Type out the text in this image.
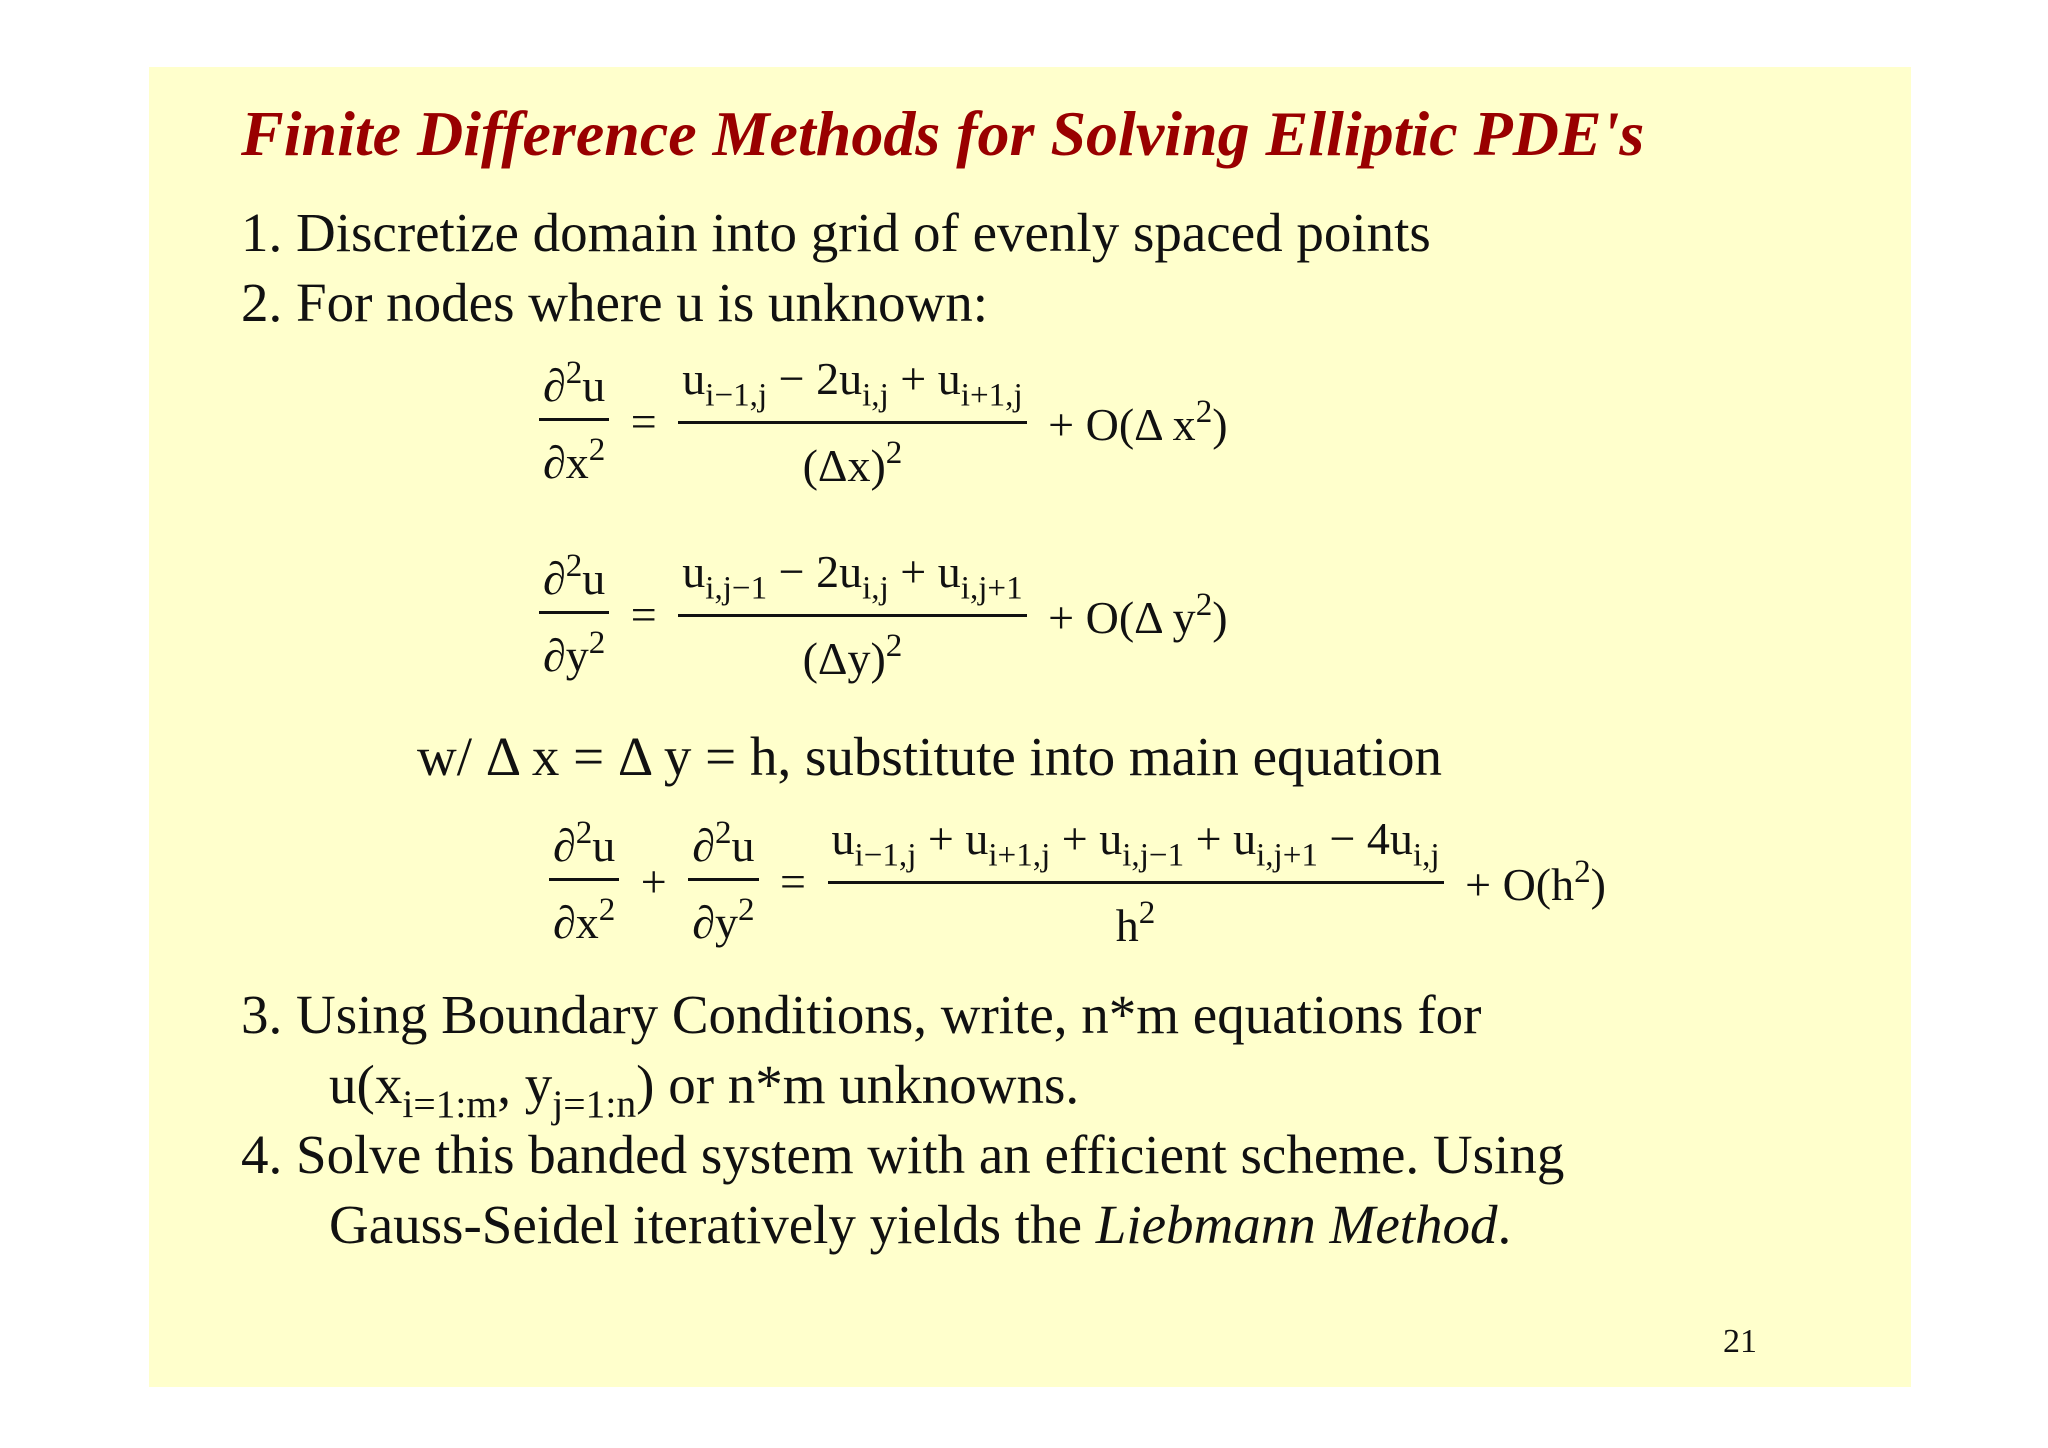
Finite Difference Methods for Solving Elliptic PDE's
1. Discretize domain into grid of evenly spaced points
2. For nodes where u is unknown:
$\frac{\partial^2u}{\partial x^2} = \frac{u_{i-1,j} - 2u_{i,j} + u_{i+1,j}}{(\Delta x)^2} + O(\Delta$ $x^2$)
$\frac{\partial^2u}{\partial y^2} = \frac{u_{i,j-1} - 2u_{i,j} + u_{i,j+1}}{(\Delta y)^2} + O(\Delta$ $y^2$)
w/ Δ x = Δ y = h, substitute into main equation
$\frac{\partial^2u}{\partial x^2} + \frac{\partial^2u}{\partial y^2} = \frac{u_{i-1,j} + u_{i+1,j} + u_{i,j-1} + u_{i,j+1} - 4u_{i,j}}{h^2} + O(h^2)$
3. Using Boundary Conditions, write, n*m equations for
$u(x_{i=1:m}$, $y_{j=1:n}$) or n*m unknowns.
4. Solve this banded system with an efficient scheme. Using
Gauss-Seidel iteratively yields the Liebmann Method.
21
